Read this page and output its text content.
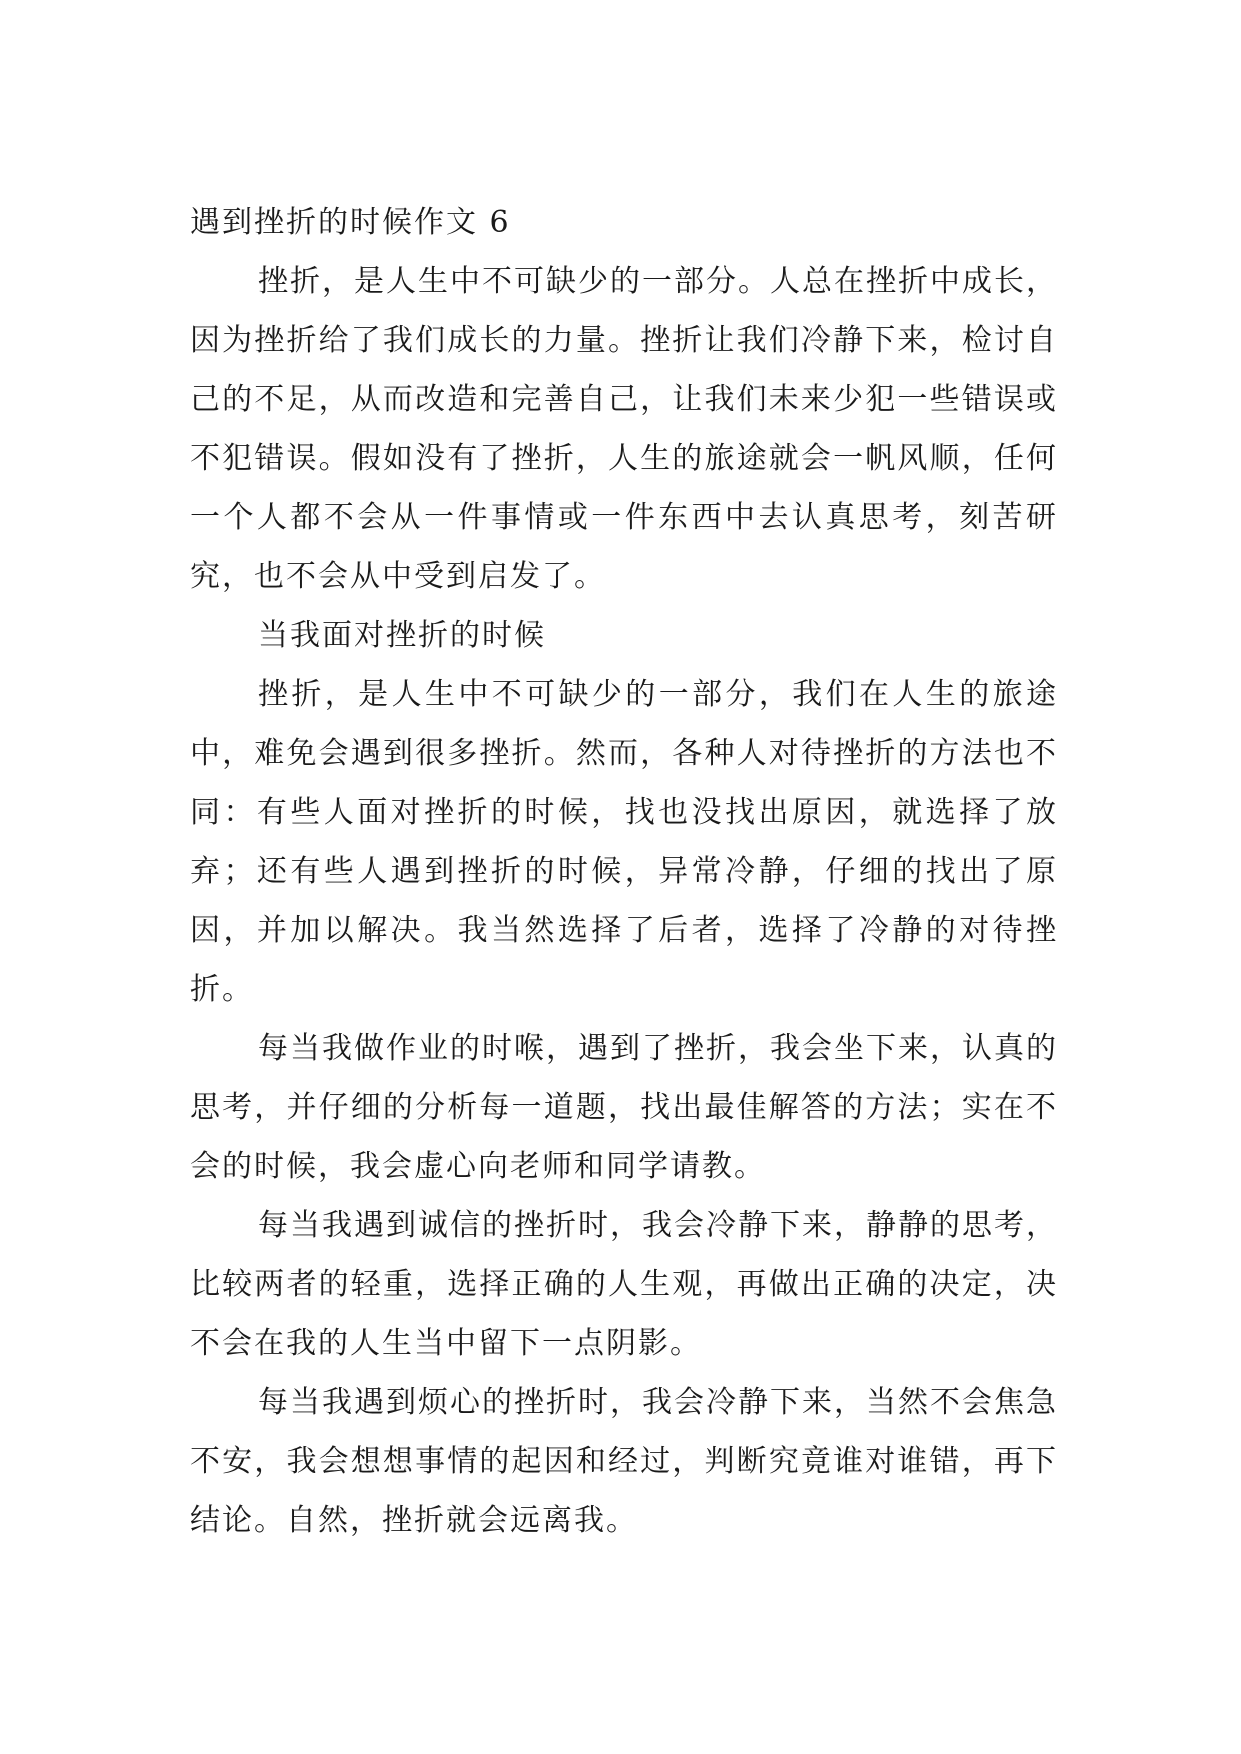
遇到挫折的时候作文 6

挫折，是人生中不可缺少的一部分。人总在挫折中成长，因为挫折给了我们成长的力量。挫折让我们冷静下来，检讨自己的不足，从而改造和完善自己，让我们未来少犯一些错误或不犯错误。假如没有了挫折，人生的旅途就会一帆风顺，任何一个人都不会从一件事情或一件东西中去认真思考，刻苦研究，也不会从中受到启发了。

当我面对挫折的时候

挫折，是人生中不可缺少的一部分，我们在人生的旅途中，难免会遇到很多挫折。然而，各种人对待挫折的方法也不同：有些人面对挫折的时候，找也没找出原因，就选择了放弃；还有些人遇到挫折的时候，异常冷静，仔细的找出了原因，并加以解决。我当然选择了后者，选择了冷静的对待挫折。

每当我做作业的时喉，遇到了挫折，我会坐下来，认真的思考，并仔细的分析每一道题，找出最佳解答的方法；实在不会的时候，我会虚心向老师和同学请教。

每当我遇到诚信的挫折时，我会冷静下来，静静的思考，比较两者的轻重，选择正确的人生观，再做出正确的决定，决不会在我的人生当中留下一点阴影。

每当我遇到烦心的挫折时，我会冷静下来，当然不会焦急不安，我会想想事情的起因和经过，判断究竟谁对谁错，再下结论。自然，挫折就会远离我。
